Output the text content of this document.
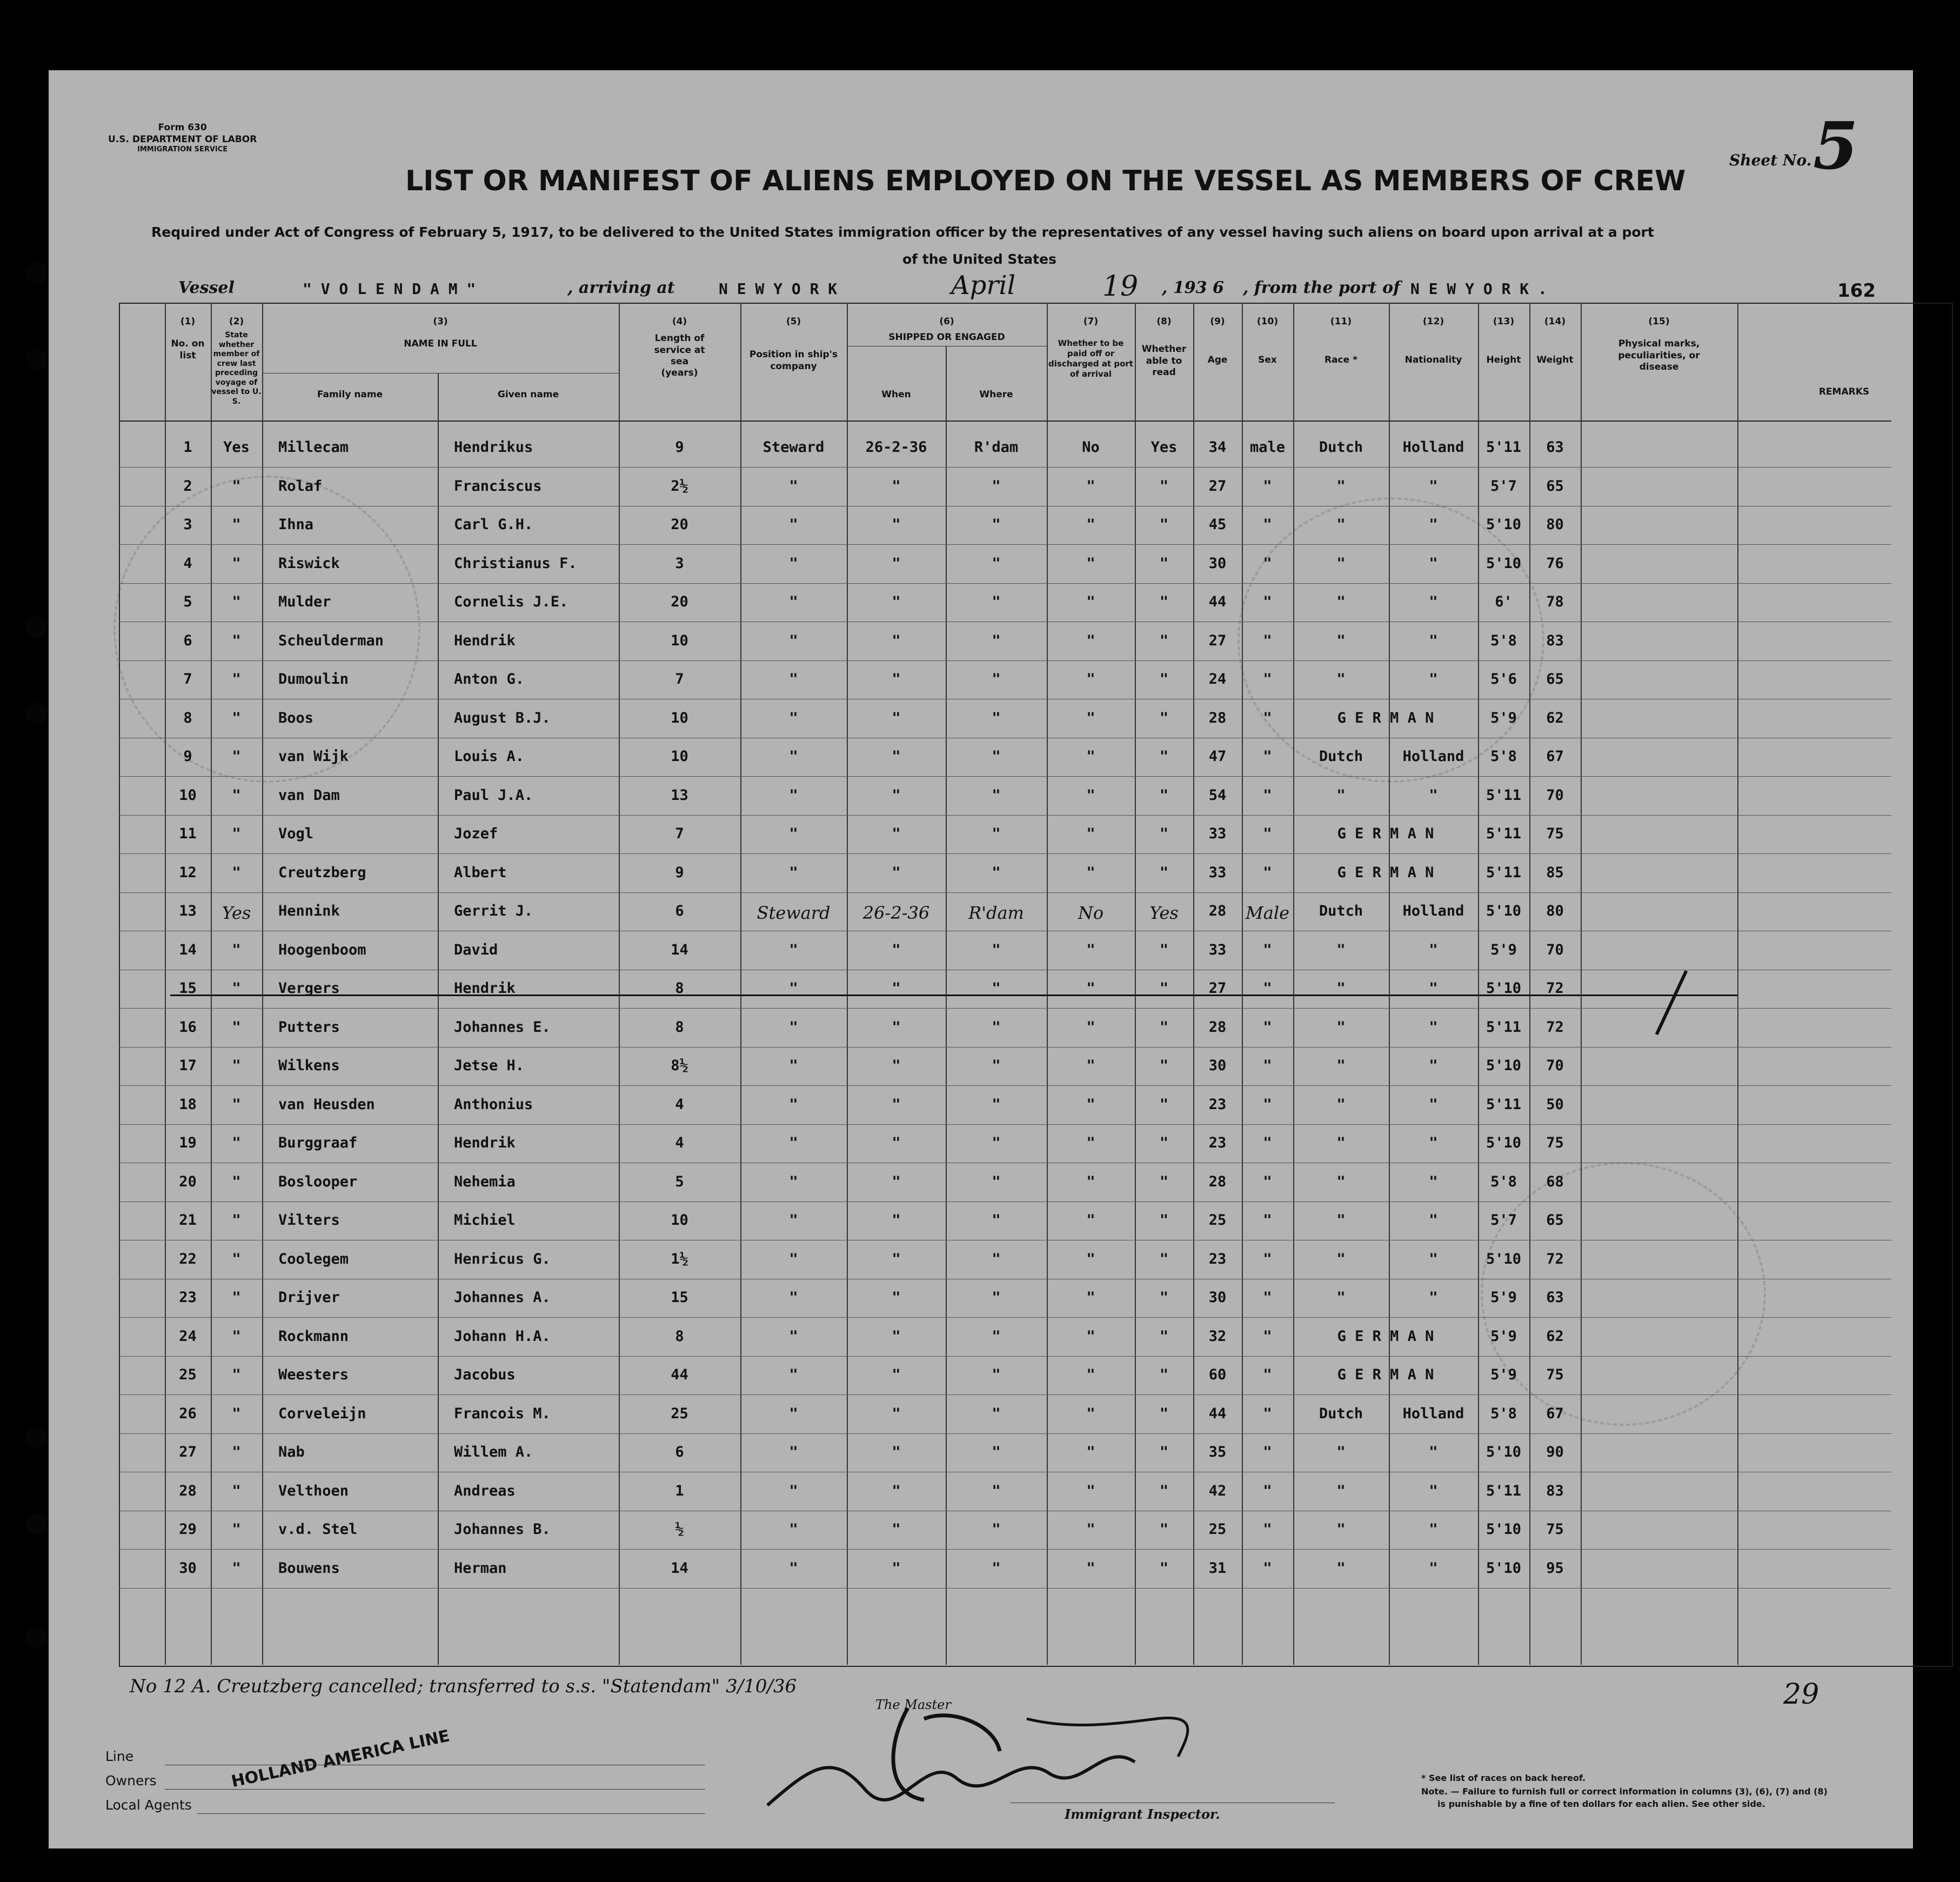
Form 630
U.S. DEPARTMENT OF LABOR
IMMIGRATION SERVICE
Sheet No. 5
LIST OR MANIFEST OF ALIENS EMPLOYED ON THE VESSEL AS MEMBERS OF CREW
Required under Act of Congress of February 5, 1917, to be delivered to the United States immigration officer by the representatives of any vessel having such aliens on board upon arrival at a port
of the United States
Vessel	" V O L E N D A M "	, arriving at	N E W Y O R K	April	19 , 193 6 , from the port of N E W Y O R K .	162
(1)
No. on list
(2)
State whether member of crew last preceding voyage of vessel to U. S.
(3)
NAME IN FULL
Family name	Given name
(4)
Length of service at sea (years)
(5)
Position in ship's company
(6)
SHIPPED OR ENGAGED
When	Where
(7)
Whether to be paid off or discharged at port of arrival
(8)
Whether able to read
(9)
Age
(10)
Sex
(11)
Race *
(12)
Nationality
(13)
Height
(14)
Weight
(15)
Physical marks, peculiarities, or disease
REMARKS
1	Yes	Millecam	Hendrikus	9	Steward	26-2-36	R'dam	No	Yes	34	male	Dutch	Holland	5'11	63
2	"	Rolaf	Franciscus	2½	"	"	"	"	"	27	"	"	"	5'7	65
3	"	Ihna	Carl G.H.	20	"	"	"	"	"	45	"	"	"	5'10	80
4	"	Riswick	Christianus F.	3	"	"	"	"	"	30	"	"	"	5'10	76
5	"	Mulder	Cornelis J.E.	20	"	"	"	"	"	44	"	"	"	6'	78
6	"	Scheulderman	Hendrik	10	"	"	"	"	"	27	"	"	"	5'8	83
7	"	Dumoulin	Anton G.	7	"	"	"	"	"	24	"	"	"	5'6	65
8	"	Boos	August B.J.	10	"	"	"	"	"	28	"	G E R M A N	5'9	62
9	"	van Wijk	Louis A.	10	"	"	"	"	"	47	"	Dutch	Holland	5'8	67
10	"	van Dam	Paul J.A.	13	"	"	"	"	"	54	"	"	"	5'11	70
11	"	Vogl	Jozef	7	"	"	"	"	"	33	"	G E R M A N	5'11	75
12	"	Creutzberg	Albert	9	"	"	"	"	"	33	"	G E R M A N	5'11	85
13	Yes	Hennink	Gerrit J.	6	Steward	26-2-36	R'dam	No	Yes	28	Male	Dutch	Holland	5'10	80
14	"	Hoogenboom	David	14	"	"	"	"	"	33	"	"	"	5'9	70
15	"	Vergers	Hendrik	8	"	"	"	"	"	27	"	"	"	5'10	72
16	"	Putters	Johannes E.	8	"	"	"	"	"	28	"	"	"	5'11	72
17	"	Wilkens	Jetse H.	8½	"	"	"	"	"	30	"	"	"	5'10	70
18	"	van Heusden	Anthonius	4	"	"	"	"	"	23	"	"	"	5'11	50
19	"	Burggraaf	Hendrik	4	"	"	"	"	"	23	"	"	"	5'10	75
20	"	Boslooper	Nehemia	5	"	"	"	"	"	28	"	"	"	5'8	68
21	"	Vilters	Michiel	10	"	"	"	"	"	25	"	"	"	5'7	65
22	"	Coolegem	Henricus G.	1½	"	"	"	"	"	23	"	"	"	5'10	72
23	"	Drijver	Johannes A.	15	"	"	"	"	"	30	"	"	"	5'9	63
24	"	Rockmann	Johann H.A.	8	"	"	"	"	"	32	"	G E R M A N	5'9	62
25	"	Weesters	Jacobus	44	"	"	"	"	"	60	"	G E R M A N	5'9	75
26	"	Corveleijn	Francois M.	25	"	"	"	"	"	44	"	Dutch	Holland	5'8	67
27	"	Nab	Willem A.	6	"	"	"	"	"	35	"	"	"	5'10	90
28	"	Velthoen	Andreas	1	"	"	"	"	"	42	"	"	"	5'11	83
29	"	v.d. Stel	Johannes B.	½	"	"	"	"	"	25	"	"	"	5'10	75
30	"	Bouwens	Herman	14	"	"	"	"	"	31	"	"	"	5'10	95
No 12 A. Creutzberg cancelled; transferred to s.s. "Statendam" 3/10/36	29
Line
Owners
Local Agents
HOLLAND AMERICA LINE
The Master
Immigrant Inspector.
* See list of races on back hereof.
Note. — Failure to furnish full or correct information in columns (3), (6), (7) and (8)
is punishable by a fine of ten dollars for each alien. See other side.
